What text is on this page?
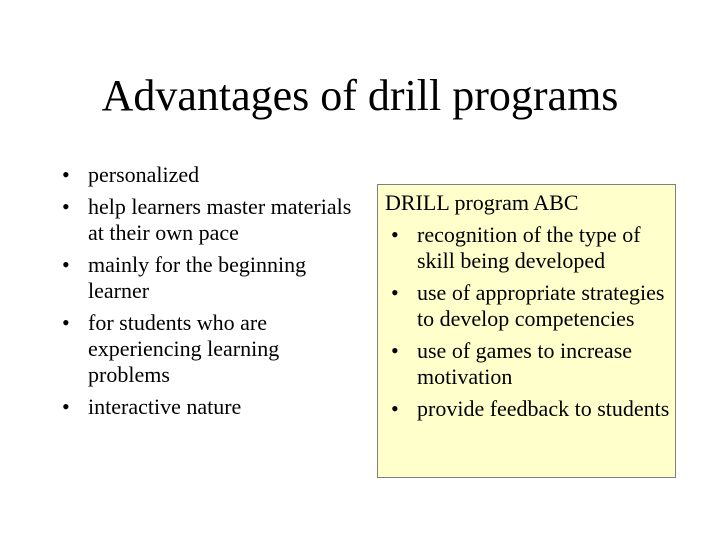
Advantages of drill programs
• personalized
• help learners master materials at their own pace
• mainly for the beginning learner
• for students who are experiencing learning problems
• interactive nature
DRILL program ABC
• recognition of the type of skill being developed
• use of appropriate strategies to develop competencies
• use of games to increase motivation
• provide feedback to students
